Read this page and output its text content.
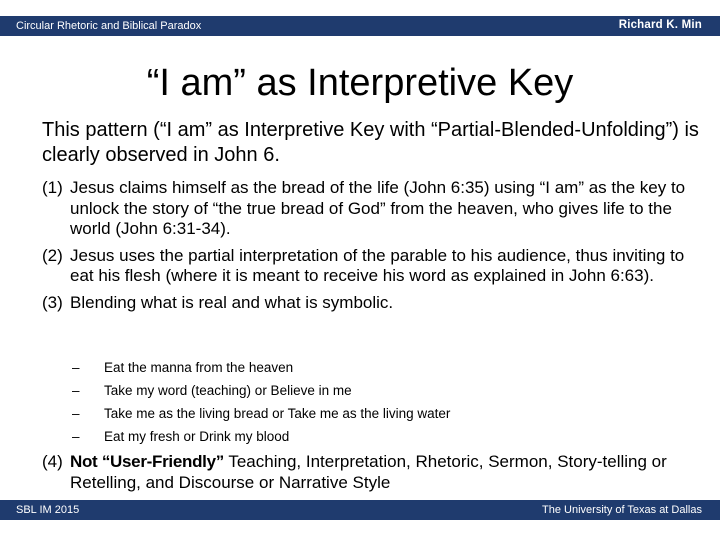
Circular Rhetoric and Biblical Paradox	Richard K. Min
“I am” as Interpretive Key
This pattern (“I am” as Interpretive Key with “Partial-Blended-Unfolding”) is clearly observed in John 6.
(1) Jesus claims himself as the bread of the life (John 6:35) using “I am” as the key to unlock the story of “the true bread of God” from the heaven, who gives life to the world (John 6:31-34).
(2) Jesus uses the partial interpretation of the parable to his audience, thus inviting to eat his flesh (where it is meant to receive his word as explained in John 6:63).
(3) Blending what is real and what is symbolic.
– Eat the manna from the heaven
– Take my word (teaching) or Believe in me
– Take me as the living bread or Take me as the living water
– Eat my fresh or Drink my blood
(4) Not “User-Friendly” Teaching, Interpretation, Rhetoric, Sermon, Story-telling or Retelling, and Discourse or Narrative Style
SBL IM 2015	The University of Texas at Dallas
